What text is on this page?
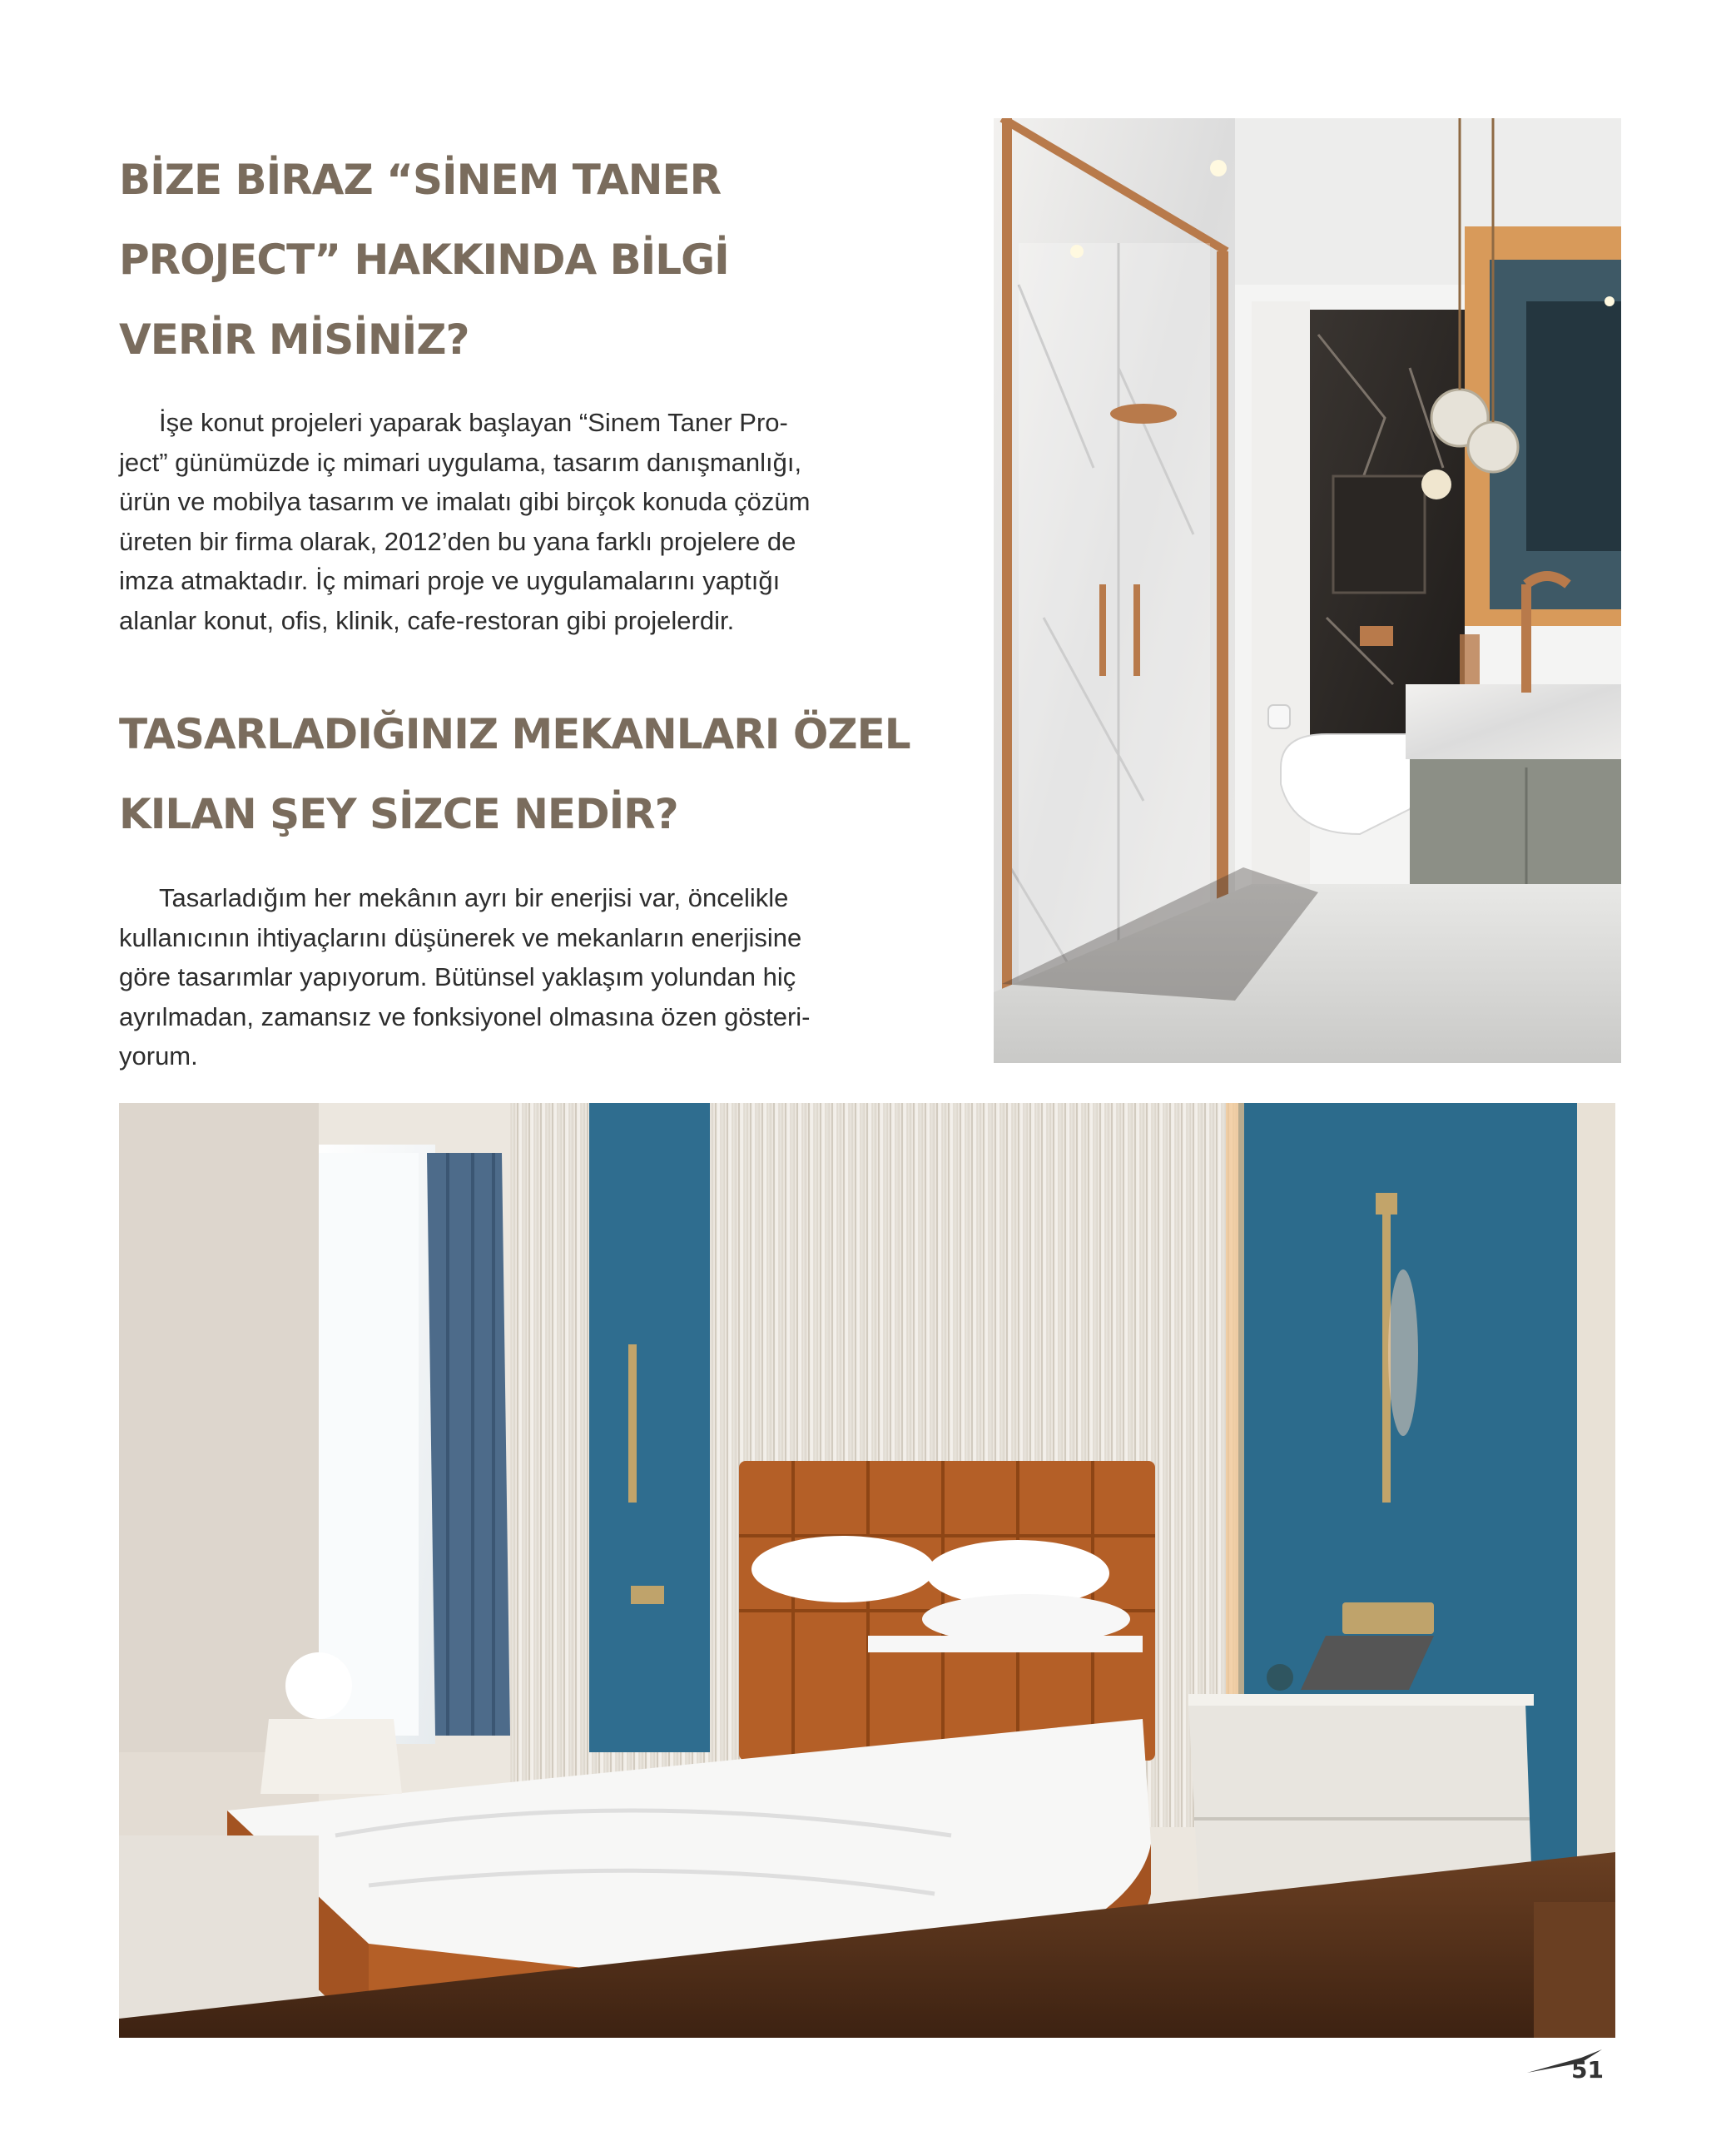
BİZE BİRAZ “SİNEM TANER
PROJECT” HAKKINDA BİLGİ
VERİR MİSİNİZ?

İşe konut projeleri yaparak başlayan “Sinem Taner Pro-
ject” günümüzde iç mimari uygulama, tasarım danışmanlığı,
ürün ve mobilya tasarım ve imalatı gibi birçok konuda çözüm
üreten bir firma olarak, 2012’den bu yana farklı projelere de
imza atmaktadır. İç mimari proje ve uygulamalarını yaptığı
alanlar konut, ofis, klinik, cafe-restoran gibi projelerdir.

TASARLADIĞINIZ MEKANLARI ÖZEL
KILAN ŞEY SİZCE NEDİR?

Tasarladığım her mekânın ayrı bir enerjisi var, öncelikle
kullanıcının ihtiyaçlarını düşünerek ve mekanların enerjisine
göre tasarımlar yapıyorum. Bütünsel yaklaşım yolundan hiç
ayrılmadan, zamansız ve fonksiyonel olmasına özen gösteri-
yorum.

51
